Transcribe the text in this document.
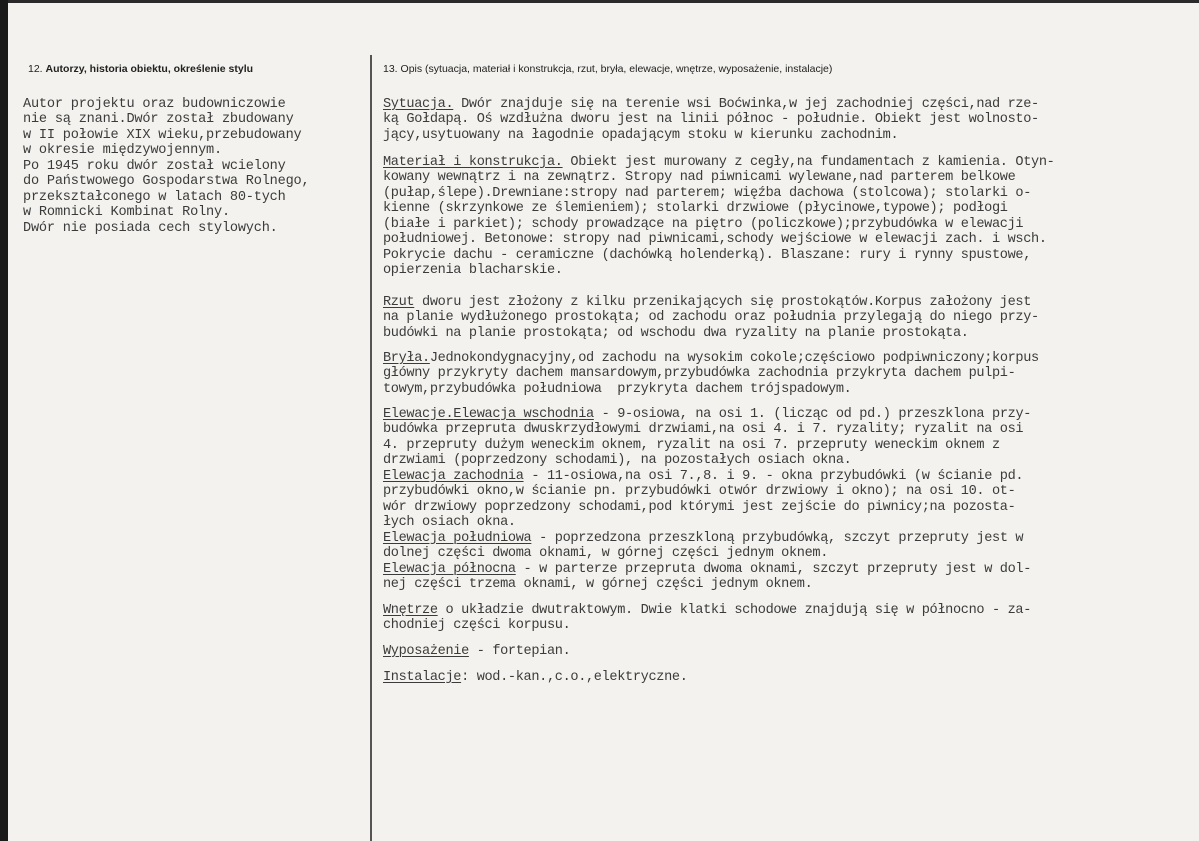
12. Autorzy, historia obiektu, określenie stylu	13. Opis (sytuacja, materiał i konstrukcja, rzut, bryła, elewacje, wnętrze, wyposażenie, instalacje)

Autor projektu oraz budowniczowie
nie są znani.Dwór został zbudowany
w II połowie XIX wieku,przebudowany
w okresie międzywojennym.
Po 1945 roku dwór został wcielony
do Państwowego Gospodarstwa Rolnego,
przekształconego w latach 80-tych
w Romnicki Kombinat Rolny.
Dwór nie posiada cech stylowych.

Sytuacja. Dwór znajduje się na terenie wsi Boćwinka,w jej zachodniej części,nad rze-
ką Gołdapą. Oś wzdłużna dworu jest na linii północ - południe. Obiekt jest wolnosto-
jący,usytuowany na łagodnie opadającym stoku w kierunku zachodnim.

Materiał i konstrukcja. Obiekt jest murowany z cegły,na fundamentach z kamienia. Otyn-
kowany wewnątrz i na zewnątrz. Stropy nad piwnicami wylewane,nad parterem belkowe
(pułap,ślepe).Drewniane:stropy nad parterem; więźba dachowa (stolcowa); stolarki o-
kienne (skrzynkowe ze ślemieniem); stolarki drzwiowe (płycinowe,typowe); podłogi
(białe i parkiet); schody prowadzące na piętro (policzkowe);przybudówka w elewacji
południowej. Betonowe: stropy nad piwnicami,schody wejściowe w elewacji zach. i wsch.
Pokrycie dachu - ceramiczne (dachówką holenderką). Blaszane: rury i rynny spustowe,
opierzenia blacharskie.

Rzut dworu jest złożony z kilku przenikających się prostokątów.Korpus założony jest
na planie wydłużonego prostokąta; od zachodu oraz południa przylegają do niego przy-
budówki na planie prostokąta; od wschodu dwa ryzality na planie prostokąta.

Bryła.Jednokondygnacyjny,od zachodu na wysokim cokole;częściowo podpiwniczony;korpus
główny przykryty dachem mansardowym,przybudówka zachodnia przykryta dachem pulpi-
towym,przybudówka południowa  przykryta dachem trójspadowym.

Elewacje.Elewacja wschodnia - 9-osiowa, na osi 1. (licząc od pd.) przeszklona przy-
budówka przepruta dwuskrzydłowymi drzwiami,na osi 4. i 7. ryzality; ryzalit na osi
4. przepruty dużym weneckim oknem, ryzalit na osi 7. przepruty weneckim oknem z
drzwiami (poprzedzony schodami), na pozostałych osiach okna.
Elewacja zachodnia - 11-osiowa,na osi 7.,8. i 9. - okna przybudówki (w ścianie pd.
przybudówki okno,w ścianie pn. przybudówki otwór drzwiowy i okno); na osi 10. ot-
wór drzwiowy poprzedzony schodami,pod którymi jest zejście do piwnicy;na pozosta-
łych osiach okna.
Elewacja południowa - poprzedzona przeszkloną przybudówką, szczyt przepruty jest w
dolnej części dwoma oknami, w górnej części jednym oknem.
Elewacja północna - w parterze przepruta dwoma oknami, szczyt przepruty jest w dol-
nej części trzema oknami, w górnej części jednym oknem.

Wnętrze o układzie dwutraktowym. Dwie klatki schodowe znajdują się w północno - za-
chodniej części korpusu.

Wyposażenie - fortepian.

Instalacje: wod.-kan.,c.o.,elektryczne.
